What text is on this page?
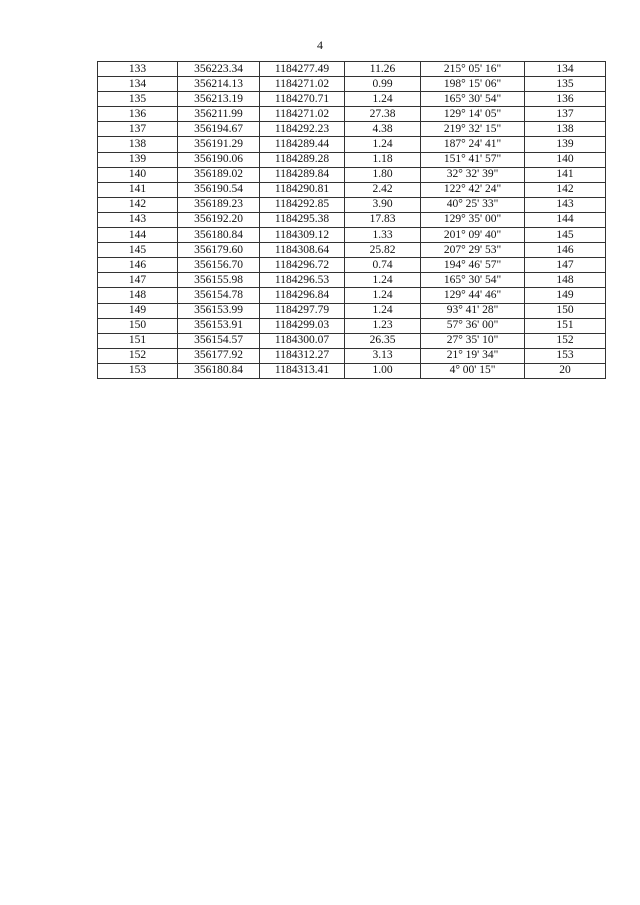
4
133	356223.34	1184277.49	11.26	215° 05' 16"	134
134	356214.13	1184271.02	0.99	198° 15' 06"	135
135	356213.19	1184270.71	1.24	165° 30' 54"	136
136	356211.99	1184271.02	27.38	129° 14' 05"	137
137	356194.67	1184292.23	4.38	219° 32' 15"	138
138	356191.29	1184289.44	1.24	187° 24' 41"	139
139	356190.06	1184289.28	1.18	151° 41' 57"	140
140	356189.02	1184289.84	1.80	32° 32' 39"	141
141	356190.54	1184290.81	2.42	122° 42' 24"	142
142	356189.23	1184292.85	3.90	40° 25' 33"	143
143	356192.20	1184295.38	17.83	129° 35' 00"	144
144	356180.84	1184309.12	1.33	201° 09' 40"	145
145	356179.60	1184308.64	25.82	207° 29' 53"	146
146	356156.70	1184296.72	0.74	194° 46' 57"	147
147	356155.98	1184296.53	1.24	165° 30' 54"	148
148	356154.78	1184296.84	1.24	129° 44' 46"	149
149	356153.99	1184297.79	1.24	93° 41' 28"	150
150	356153.91	1184299.03	1.23	57° 36' 00"	151
151	356154.57	1184300.07	26.35	27° 35' 10"	152
152	356177.92	1184312.27	3.13	21° 19' 34"	153
153	356180.84	1184313.41	1.00	4° 00' 15"	20
